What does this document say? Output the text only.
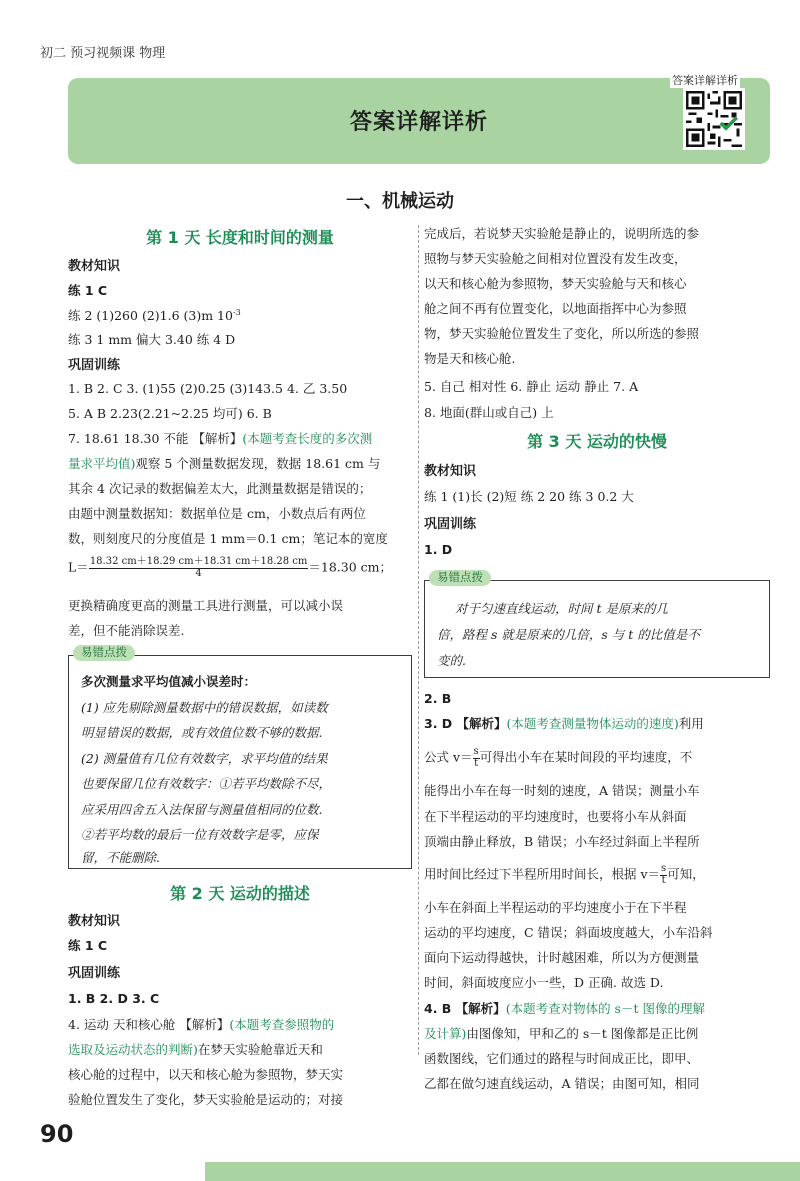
初二 预习视频课 物理
答案详解详析
答案详解详析
一、机械运动
第 1 天 长度和时间的测量
教材知识
练 1 C
练 2 (1)260 (2)1.6 (3)m $10^{-3}$
练 3 1 mm 偏大 3.40 练 4 D
巩固训练
1. B 2. C 3. (1)55 (2)0.25 (3)143.5 4. 乙 3.50
5. A B 2.23(2.21~2.25 均可) 6. B
7. 18.61 18.30 不能 【解析】(本题考查长度的多次测
量求平均值)观察 5 个测量数据发现，数据 18.61 cm 与
其余 4 次记录的数据偏差太大，此测量数据是错误的；
由题中测量数据知：数据单位是 cm，小数点后有两位
数，则刻度尺的分度值是 1 mm＝0.1 cm；笔记本的宽度
$L= \frac{18.32 cm+18.29 cm+18.31 cm+18.28 cm}{4} =18.30$ cm；
更换精确度更高的测量工具进行测量，可以减小误
差，但不能消除误差.
易错点拨
多次测量求平均值减小误差时：
(1) 应先剔除测量数据中的错误数据，如读数
明显错误的数据，或有效值位数不够的数据.
(2) 测量值有几位有效数字，求平均值的结果
也要保留几位有效数字：①若平均数除不尽，
应采用四舍五入法保留与测量值相同的位数.
②若平均数的最后一位有效数字是零，应保
留，不能删除.
第 2 天 运动的描述
教材知识
练 1 C
巩固训练
1. B 2. D 3. C
4. 运动 天和核心舱 【解析】(本题考查参照物的
选取及运动状态的判断)在梦天实验舱靠近天和
核心舱的过程中，以天和核心舱为参照物，梦天实
验舱位置发生了变化，梦天实验舱是运动的；对接
完成后，若说梦天实验舱是静止的，说明所选的参
照物与梦天实验舱之间相对位置没有发生改变，
以天和核心舱为参照物，梦天实验舱与天和核心
舱之间不再有位置变化，以地面指挥中心为参照
物，梦天实验舱位置发生了变化，所以所选的参照
物是天和核心舱.
5. 自己 相对性 6. 静止 运动 静止 7. A
8. 地面(群山或自己) 上
第 3 天 运动的快慢
教材知识
练 1 (1)长 (2)短 练 2 20 练 3 0.2 大
巩固训练
1. D
易错点拨
对于匀速直线运动，时间 t 是原来的几
倍，路程 s 就是原来的几倍，s 与 t 的比值是不
变的.
2. B
3. D 【解析】(本题考查测量物体运动的速度)利用
公式 $v= \frac{s}{t}$ 可得出小车在某时间段的平均速度，不
能得出小车在每一时刻的速度，A 错误；测量小车
在下半程运动的平均速度时，也要将小车从斜面
顶端由静止释放，B 错误；小车经过斜面上半程所
用时间比经过下半程所用时间长，根据 $v= \frac{s}{t}$ 可知，
小车在斜面上半程运动的平均速度小于在下半程
运动的平均速度，C 错误；斜面坡度越大，小车沿斜
面向下运动得越快，计时越困难，所以为方便测量
时间，斜面坡度应小一些，D 正确. 故选 D.
4. B 【解析】(本题考查对物体的 s－t 图像的理解
及计算)由图像知，甲和乙的 s－t 图像都是正比例
函数图线，它们通过的路程与时间成正比，即甲、
乙都在做匀速直线运动，A 错误；由图可知，相同
90
